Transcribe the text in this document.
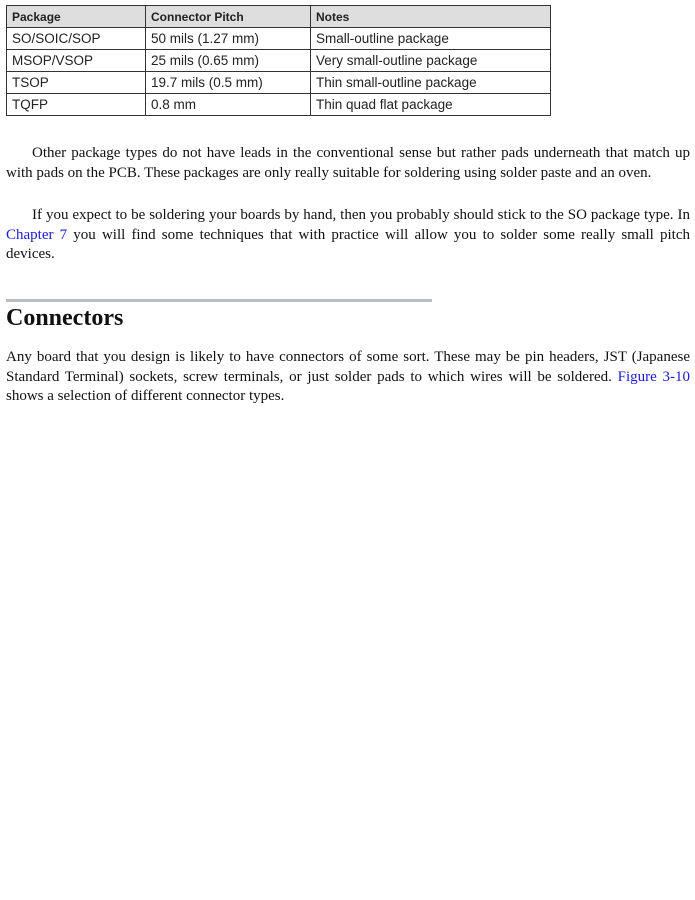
Package	Connector Pitch	Notes
SO/SOIC/SOP	50 mils (1.27 mm)	Small-outline package
MSOP/VSOP	25 mils (0.65 mm)	Very small-outline package
TSOP	19.7 mils (0.5 mm)	Thin small-outline package
TQFP	0.8 mm	Thin quad flat package

Other package types do not have leads in the conventional sense but rather pads underneath that match up with pads on the PCB. These packages are only really suitable for soldering using solder paste and an oven.

If you expect to be soldering your boards by hand, then you probably should stick to the SO package type. In Chapter 7 you will find some techniques that with practice will allow you to solder some really small pitch devices.

Connectors

Any board that you design is likely to have connectors of some sort. These may be pin headers, JST (Japanese Standard Terminal) sockets, screw terminals, or just solder pads to which wires will be soldered. Figure 3-10 shows a selection of different connector types.
